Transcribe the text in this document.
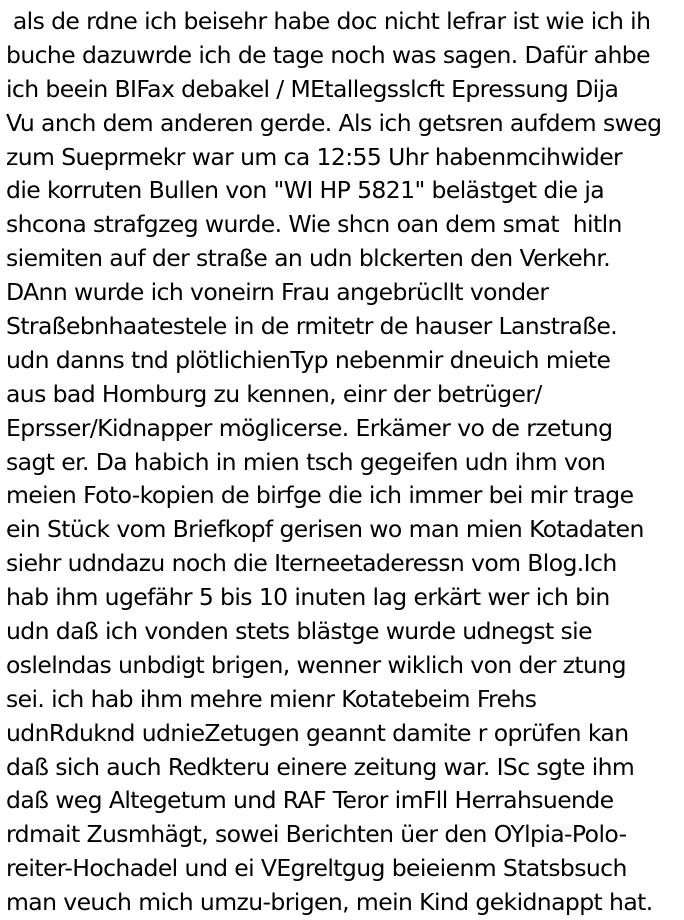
als de rdne ich beisehr habe doc nicht lefrar ist wie ich ih
buche dazuwrde ich de tage noch was sagen. Dafür ahbe
ich beein BIFax debakel / MEtallegsslcft Epressung Dija
Vu anch dem anderen gerde. Als ich getsren aufdem sweg
zum Sueprmekr war um ca 12:55 Uhr habenmcihwider
die korruten Bullen von "WI HP 5821" belästget die ja
shcona strafgzeg wurde. Wie shcn oan dem smat  hitln
siemiten auf der straße an udn blckerten den Verkehr.
DAnn wurde ich voneirn Frau angebrücllt vonder
Straßebnhaatestele in de rmitetr de hauser Lanstraße.
udn danns tnd plötlichienTyp nebenmir dneuich miete
aus bad Homburg zu kennen, einr der betrüger/
Eprsser/Kidnapper möglicerse. Erkämer vo de rzetung
sagt er. Da habich in mien tsch gegeifen udn ihm von
meien Foto-kopien de birfge die ich immer bei mir trage
ein Stück vom Briefkopf gerisen wo man mien Kotadaten
siehr udndazu noch die Iterneetaderessn vom Blog.Ich
hab ihm ugefähr 5 bis 10 inuten lag erkärt wer ich bin
udn daß ich vonden stets blästge wurde udnegst sie
oslelndas unbdigt brigen, wenner wiklich von der ztung
sei. ich hab ihm mehre mienr Kotatebeim Frehs
udnRduknd udnieZetugen geannt damite r oprüfen kan
daß sich auch Redkteru einere zeitung war. ISc sgte ihm
daß weg Altegetum und RAF Teror imFll Herrahsuende
rdmait Zusmhägt, sowei Berichten üer den OYlpia-Polo-
reiter-Hochadel und ei VEgreltgug beieienm Statsbsuch
man veuch mich umzu-brigen, mein Kind gekidnappt hat.
